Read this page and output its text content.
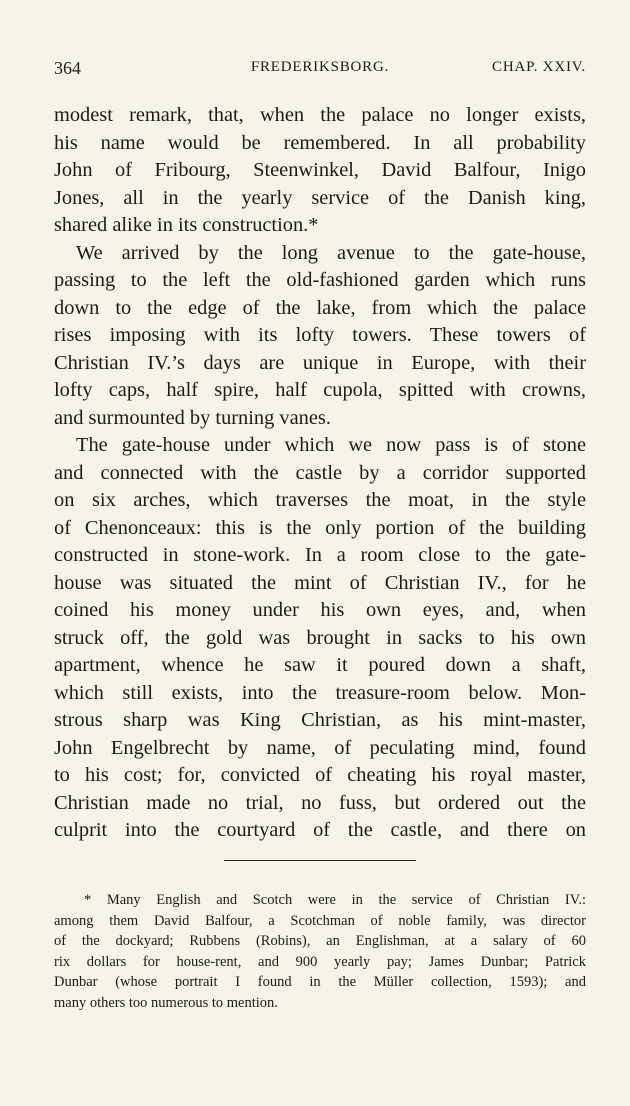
364	FREDERIKSBORG.	CHAP. XXIV.
modest remark, that, when the palace no longer exists,
his name would be remembered. In all probability
John of Fribourg, Steenwinkel, David Balfour, Inigo
Jones, all in the yearly service of the Danish king,
shared alike in its construction.*
We arrived by the long avenue to the gate-house,
passing to the left the old-fashioned garden which runs
down to the edge of the lake, from which the palace
rises imposing with its lofty towers. These towers of
Christian IV.’s days are unique in Europe, with their
lofty caps, half spire, half cupola, spitted with crowns,
and surmounted by turning vanes.
The gate-house under which we now pass is of stone
and connected with the castle by a corridor supported
on six arches, which traverses the moat, in the style
of Chenonceaux: this is the only portion of the building
constructed in stone-work. In a room close to the gate-
house was situated the mint of Christian IV., for he
coined his money under his own eyes, and, when
struck off, the gold was brought in sacks to his own
apartment, whence he saw it poured down a shaft,
which still exists, into the treasure-room below. Mon-
strous sharp was King Christian, as his mint-master,
John Engelbrecht by name, of peculating mind, found
to his cost; for, convicted of cheating his royal master,
Christian made no trial, no fuss, but ordered out the
culprit into the courtyard of the castle, and there on
* Many English and Scotch were in the service of Christian IV.:
among them David Balfour, a Scotchman of noble family, was director
of the dockyard; Rubbens (Robins), an Englishman, at a salary of 60
rix dollars for house-rent, and 900 yearly pay; James Dunbar; Patrick
Dunbar (whose portrait I found in the Müller collection, 1593); and
many others too numerous to mention.
